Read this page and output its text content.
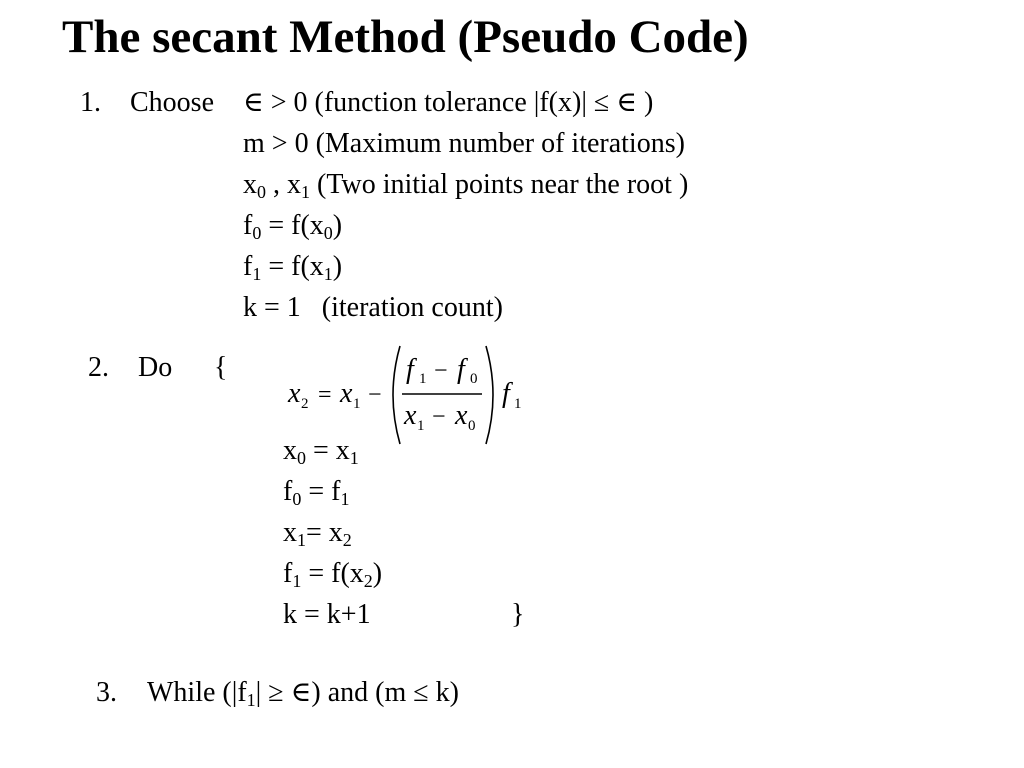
The secant Method (Pseudo Code)
1. Choose ∈ > 0 (function tolerance |f(x)| ≤ ∈ )
m > 0 (Maximum number of iterations)
$x_0$ , $x_1$ (Two initial points near the root )
$f_0 = f(x_0)$
$f_1 = f(x_1)$
k = 1   (iteration count)
2. Do {
x 2 = x 1 −
f 1 − f 0
x 1 − x 0
f 1
$x_0 = x_1$
$f_0 = f_1$
$x_1= x_2$
$f_1 = f(x_2)$
k = k+1	}
3. While ($|f_1|$ ≥ ∈) and (m ≤ k)
